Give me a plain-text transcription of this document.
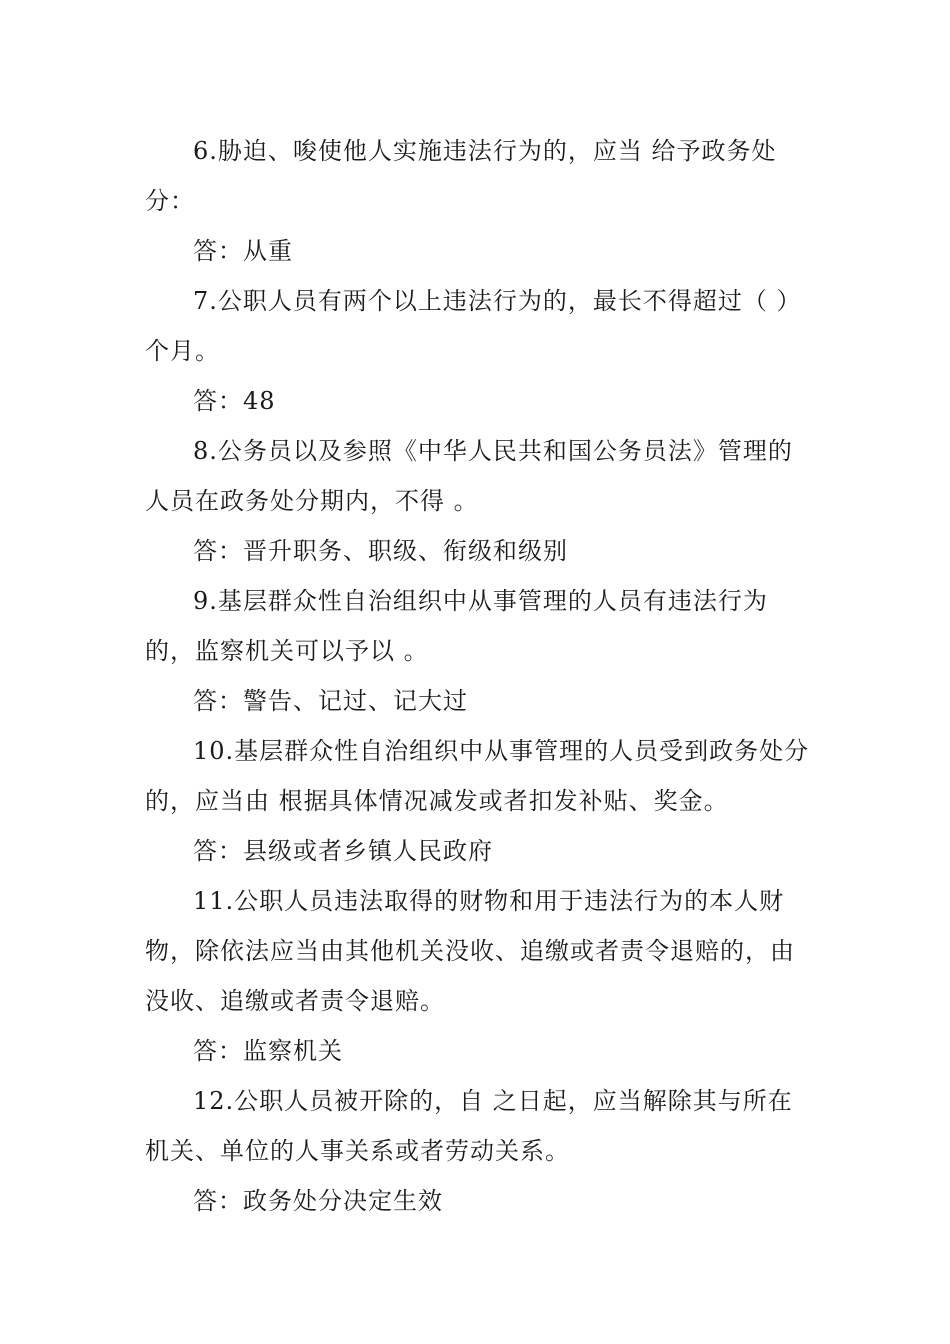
6.胁迫、唆使他人实施违法行为的，应当 给予政务处分：

答：从重

7.公职人员有两个以上违法行为的，最长不得超过（ ）个月。

答：48

8.公务员以及参照《中华人民共和国公务员法》管理的人员在政务处分期内，不得 。

答：晋升职务、职级、衔级和级别

9.基层群众性自治组织中从事管理的人员有违法行为的，监察机关可以予以 。

答：警告、记过、记大过

10.基层群众性自治组织中从事管理的人员受到政务处分的，应当由 根据具体情况减发或者扣发补贴、奖金。

答：县级或者乡镇人民政府

11.公职人员违法取得的财物和用于违法行为的本人财物，除依法应当由其他机关没收、追缴或者责令退赔的，由 没收、追缴或者责令退赔。

答：监察机关

12.公职人员被开除的，自 之日起，应当解除其与所在机关、单位的人事关系或者劳动关系。

答：政务处分决定生效
